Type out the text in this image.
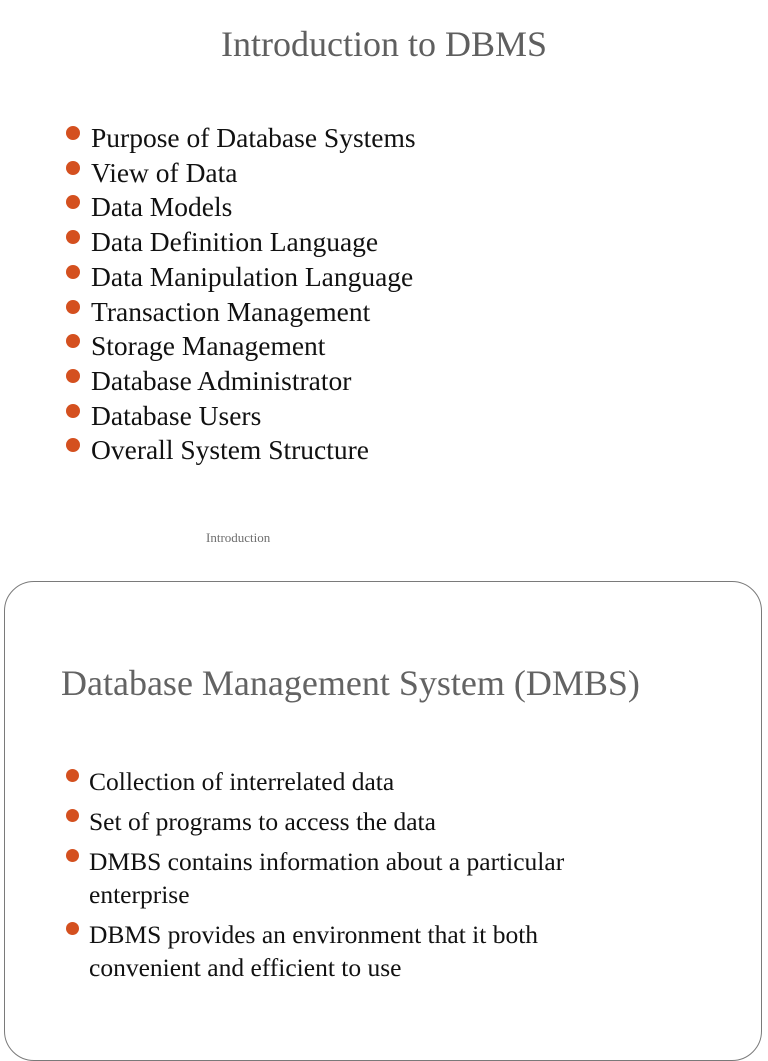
Introduction to DBMS
Purpose of Database Systems
View of Data
Data Models
Data Definition Language
Data Manipulation Language
Transaction Management
Storage Management
Database Administrator
Database Users
Overall System Structure
Introduction
Database Management System (DMBS)
Collection of interrelated data
Set of programs to access the data
DMBS contains information about a particular enterprise
DBMS provides an environment that it both convenient and efficient to use
